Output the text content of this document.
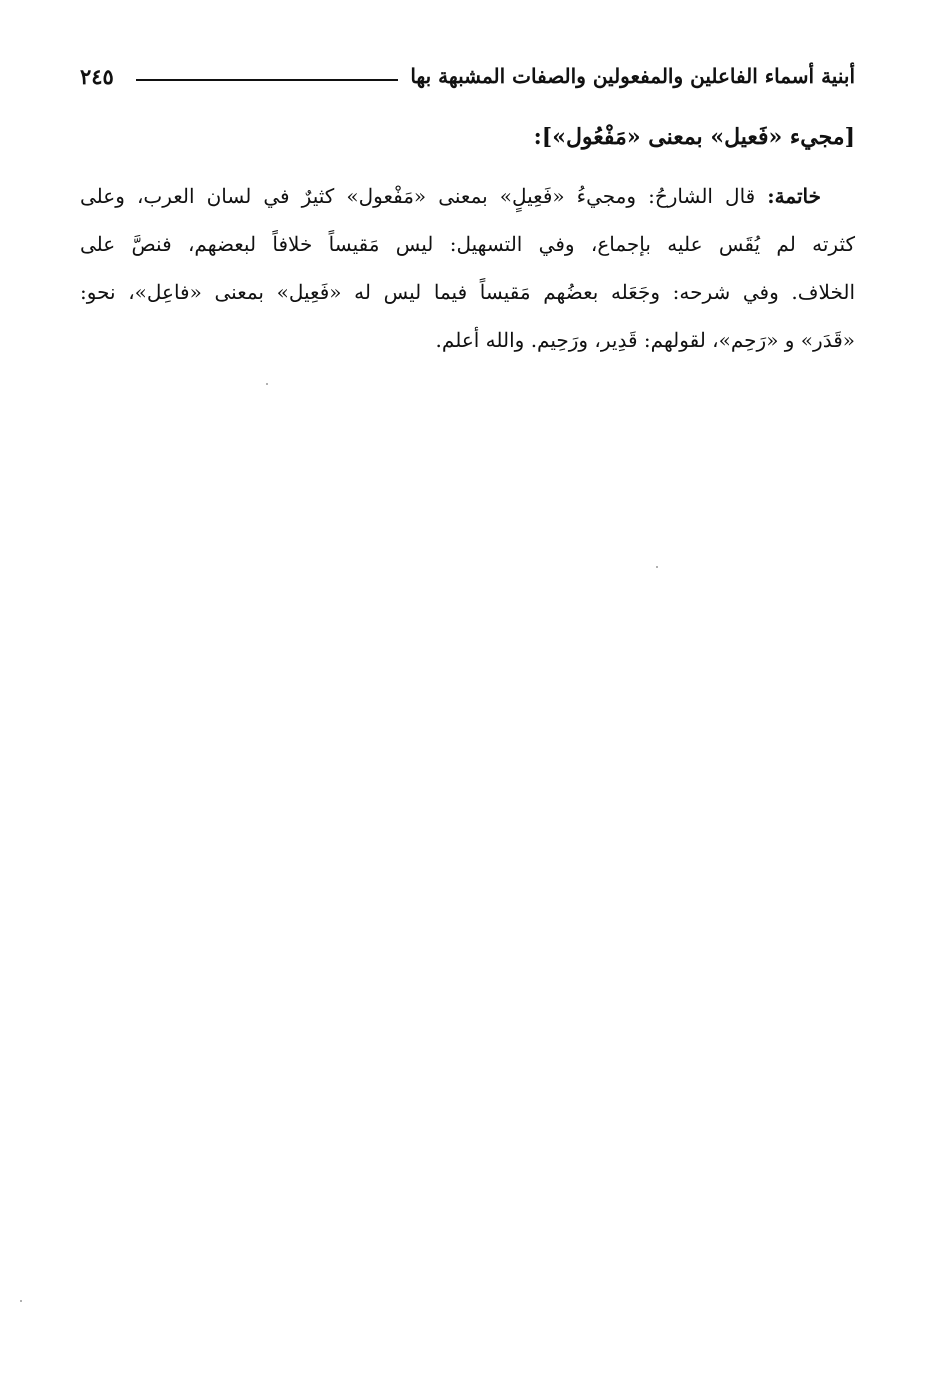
٢٤٥	أبنية أسماء الفاعلين والمفعولين والصفات المشبهة بها
[مجيء «فَعيل» بمعنى «مَفْعُول»]:
خاتمة: قال الشارحُ: ومجيءُ «فَعِيلٍ» بمعنى «مَفْعول» كثيرٌ في لسان العرب، وعلى
كثرته لم يُقَس عليه بإجماع، وفي التسهيل: ليس مَقيساً خلافاً لبعضهم، فنصَّ على
الخلاف. وفي شرحه: وجَعَله بعضُهم مَقيساً فيما ليس له «فَعِيل» بمعنى «فاعِل»، نحو:
«قَدَر» و «رَحِم»، لقولهم: قَدِير، ورَحِيم. والله أعلم.
